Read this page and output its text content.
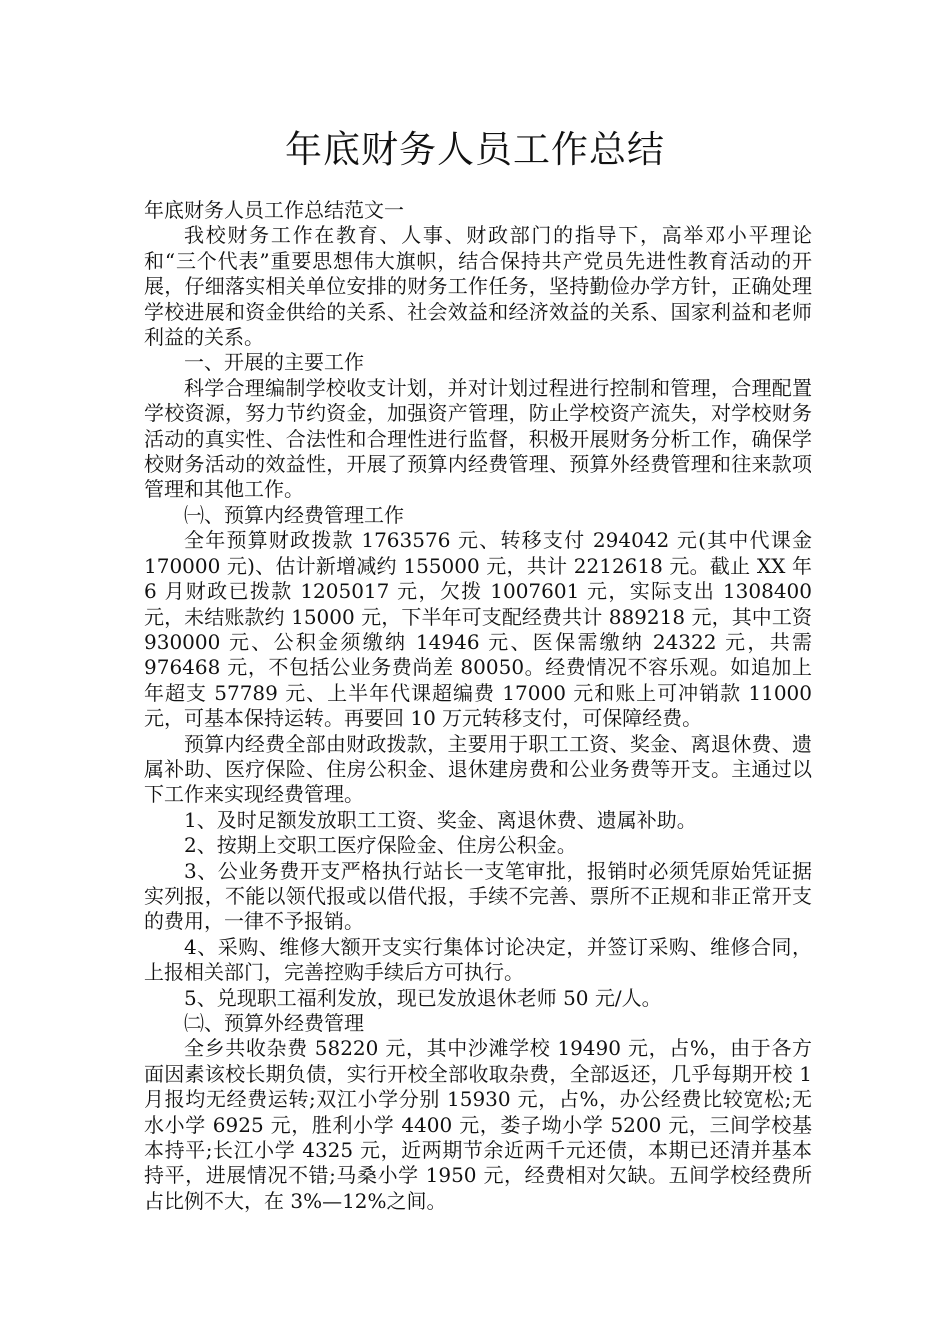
年底财务人员工作总结

年底财务人员工作总结范文一

我校财务工作在教育、人事、财政部门的指导下，高举邓小平理论和“三个代表”重要思想伟大旗帜，结合保持共产党员先进性教育活动的开展，仔细落实相关单位安排的财务工作任务，坚持勤俭办学方针，正确处理学校进展和资金供给的关系、社会效益和经济效益的关系、国家利益和老师利益的关系。

一、开展的主要工作

科学合理编制学校收支计划，并对计划过程进行控制和管理，合理配置学校资源，努力节约资金，加强资产管理，防止学校资产流失，对学校财务活动的真实性、合法性和合理性进行监督，积极开展财务分析工作，确保学校财务活动的效益性，开展了预算内经费管理、预算外经费管理和往来款项管理和其他工作。

㈠、预算内经费管理工作

全年预算财政拨款 1763576 元、转移支付 294042 元(其中代课金 170000 元)、估计新增减约 155000 元，共计 2212618 元。截止 XX 年 6 月财政已拨款 1205017 元，欠拨 1007601 元，实际支出 1308400 元，未结账款约 15000 元，下半年可支配经费共计 889218 元，其中工资 930000 元、公积金须缴纳 14946 元、医保需缴纳 24322 元，共需 976468 元，不包括公业务费尚差 80050。经费情况不容乐观。如追加上年超支 57789 元、上半年代课超编费 17000 元和账上可冲销款 11000 元，可基本保持运转。再要回 10 万元转移支付，可保障经费。

预算内经费全部由财政拨款，主要用于职工工资、奖金、离退休费、遗属补助、医疗保险、住房公积金、退休建房费和公业务费等开支。主通过以下工作来实现经费管理。

1、及时足额发放职工工资、奖金、离退休费、遗属补助。

2、按期上交职工医疗保险金、住房公积金。

3、公业务费开支严格执行站长一支笔审批，报销时必须凭原始凭证据实列报，不能以领代报或以借代报，手续不完善、票所不正规和非正常开支的费用，一律不予报销。

4、采购、维修大额开支实行集体讨论决定，并签订采购、维修合同，上报相关部门，完善控购手续后方可执行。

5、兑现职工福利发放，现已发放退休老师 50 元/人。

㈡、预算外经费管理

全乡共收杂费 58220 元，其中沙滩学校 19490 元，占%，由于各方面因素该校长期负债，实行开校全部收取杂费，全部返还，几乎每期开校 1 月报均无经费运转;双江小学分别 15930 元，占%，办公经费比较宽松;无水小学 6925 元，胜利小学 4400 元，娄子坳小学 5200 元，三间学校基本持平;长江小学 4325 元，近两期节余近两千元还债，本期已还清并基本持平，进展情况不错;马桑小学 1950 元，经费相对欠缺。五间学校经费所占比例不大，在 3%—12%之间。
